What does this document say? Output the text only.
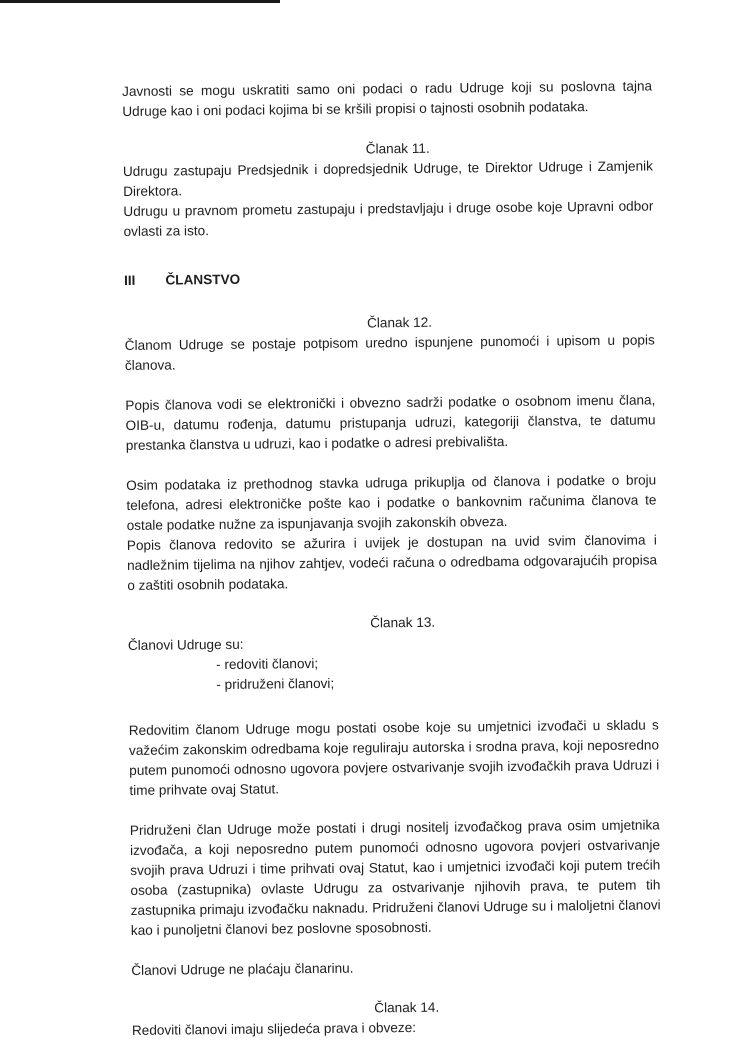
Javnosti se mogu uskratiti samo oni podaci o radu Udruge koji su poslovna tajna Udruge kao i oni podaci kojima bi se kršili propisi o tajnosti osobnih podataka.

Članak 11.

Udrugu zastupaju Predsjednik i dopredsjednik Udruge, te Direktor Udruge i Zamjenik Direktora.

Udrugu u pravnom prometu zastupaju i predstavljaju i druge osobe koje Upravni odbor ovlasti za isto.

III ČLANSTVO
Članak 12.

Članom Udruge se postaje potpisom uredno ispunjene punomoći i upisom u popis članova.

Popis članova vodi se elektronički i obvezno sadrži podatke o osobnom imenu člana, OIB-u, datumu rođenja, datumu pristupanja udruzi, kategoriji članstva, te datumu prestanka članstva u udruzi, kao i podatke o adresi prebivališta.

Osim podataka iz prethodnog stavka udruga prikuplja od članova i podatke o broju telefona, adresi elektroničke pošte kao i podatke o bankovnim računima članova te ostale podatke nužne za ispunjavanja svojih zakonskih obveza.

Popis članova redovito se ažurira i uvijek je dostupan na uvid svim članovima i nadležnim tijelima na njihov zahtjev, vodeći računa o odredbama odgovarajućih propisa o zaštiti osobnih podataka.

Članak 13.

Članovi Udruge su:

- redoviti članovi;
- pridruženi članovi;

Redovitim članom Udruge mogu postati osobe koje su umjetnici izvođači u skladu s važećim zakonskim odredbama koje reguliraju autorska i srodna prava, koji neposredno putem punomoći odnosno ugovora povjere ostvarivanje svojih izvođačkih prava Udruzi i time prihvate ovaj Statut.

Pridruženi član Udruge može postati i drugi nositelj izvođačkog prava osim umjetnika izvođača, a koji neposredno putem punomoći odnosno ugovora povjeri ostvarivanje svojih prava Udruzi i time prihvati ovaj Statut, kao i umjetnici izvođači koji putem trećih osoba (zastupnika) ovlaste Udrugu za ostvarivanje njihovih prava, te putem tih zastupnika primaju izvođačku naknadu. Pridruženi članovi Udruge su i maloljetni članovi kao i punoljetni članovi bez poslovne sposobnosti.

Članovi Udruge ne plaćaju članarinu.

Članak 14.

Redoviti članovi imaju slijedeća prava i obveze:
